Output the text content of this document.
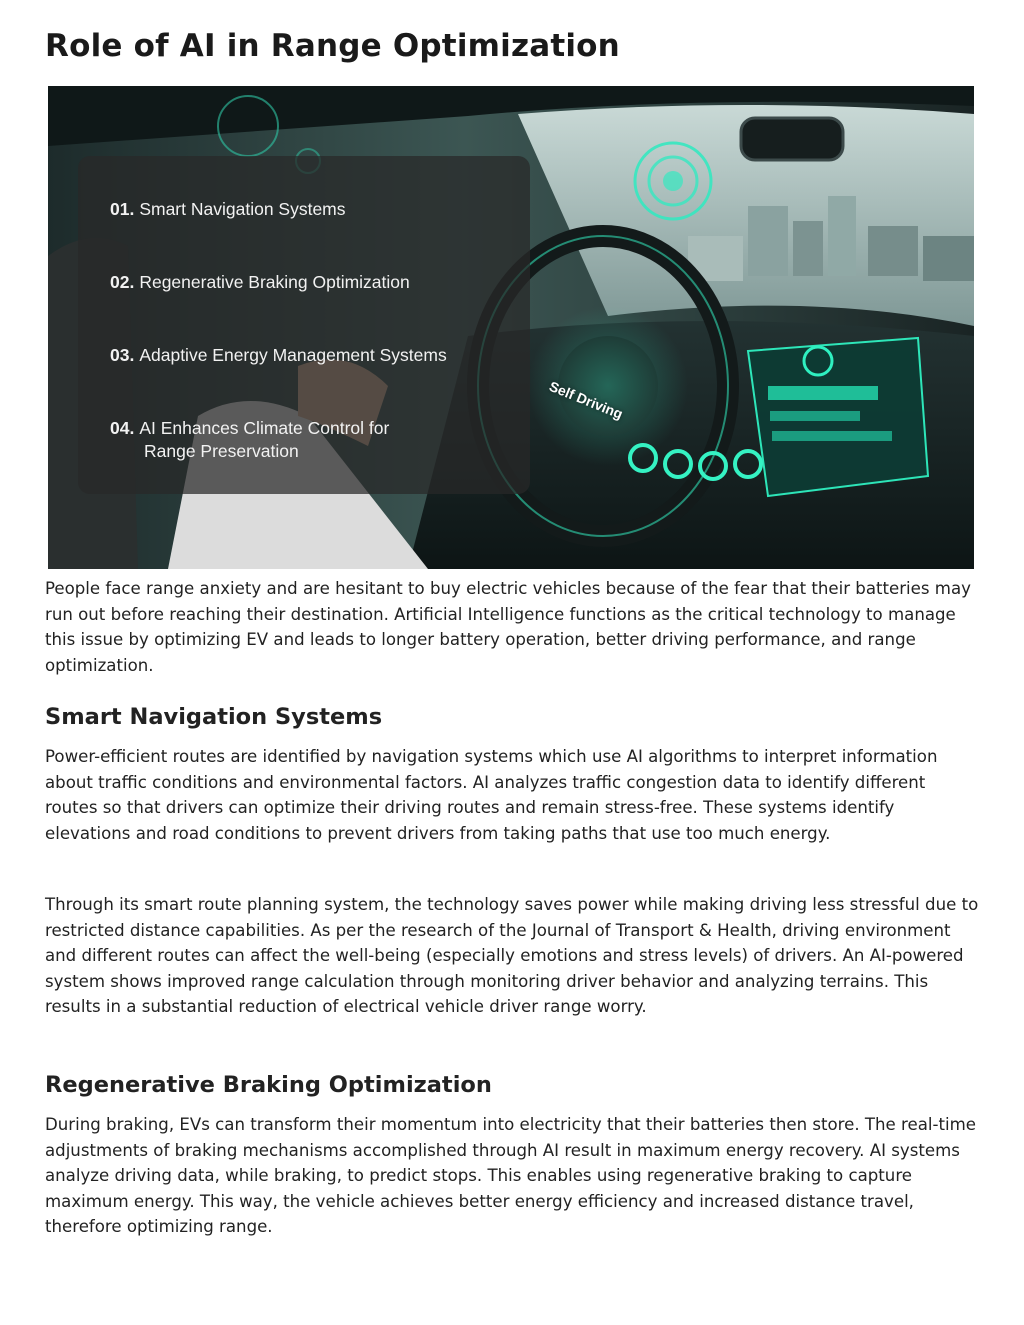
Role of AI in Range Optimization
01. Smart Navigation Systems
02. Regenerative Braking Optimization
03. Adaptive Energy Management Systems
04. AI Enhances Climate Control for
Range Preservation
Self Driving

People face range anxiety and are hesitant to buy electric vehicles because of the fear that their batteries may run out before reaching their destination. Artificial Intelligence functions as the critical technology to manage this issue by optimizing EV and leads to longer battery operation, better driving performance, and range optimization.

Smart Navigation Systems

Power-efficient routes are identified by navigation systems which use AI algorithms to interpret information about traffic conditions and environmental factors. AI analyzes traffic congestion data to identify different routes so that drivers can optimize their driving routes and remain stress-free. These systems identify elevations and road conditions to prevent drivers from taking paths that use too much energy.

Through its smart route planning system, the technology saves power while making driving less stressful due to restricted distance capabilities. As per the research of the Journal of Transport & Health, driving environment and different routes can affect the well-being (especially emotions and stress levels) of drivers. An AI-powered system shows improved range calculation through monitoring driver behavior and analyzing terrains. This results in a substantial reduction of electrical vehicle driver range worry.

Regenerative Braking Optimization

During braking, EVs can transform their momentum into electricity that their batteries then store. The real-time adjustments of braking mechanisms accomplished through AI result in maximum energy recovery. AI systems analyze driving data, while braking, to predict stops. This enables using regenerative braking to capture maximum energy. This way, the vehicle achieves better energy efficiency and increased distance travel, therefore optimizing range.
